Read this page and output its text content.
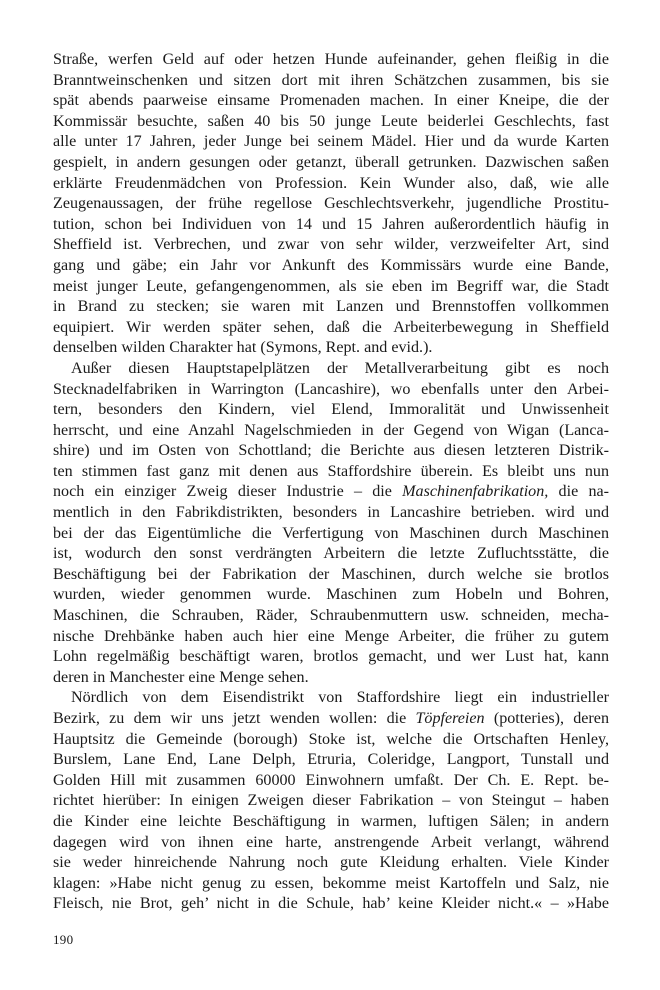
Straße, werfen Geld auf oder hetzen Hunde aufeinander, gehen fleißig in die
Branntweinschenken und sitzen dort mit ihren Schätzchen zusammen, bis sie
spät abends paarweise einsame Promenaden machen. In einer Kneipe, die der
Kommissär besuchte, saßen 40 bis 50 junge Leute beiderlei Geschlechts, fast
alle unter 17 Jahren, jeder Junge bei seinem Mädel. Hier und da wurde Karten
gespielt, in andern gesungen oder getanzt, überall getrunken. Dazwischen saßen
erklärte Freudenmädchen von Profession. Kein Wunder also, daß, wie alle
Zeugenaussagen, der frühe regellose Geschlechtsverkehr, jugendliche Prostitu-
tution, schon bei Individuen von 14 und 15 Jahren außerordentlich häufig in
Sheffield ist. Verbrechen, und zwar von sehr wilder, verzweifelter Art, sind
gang und gäbe; ein Jahr vor Ankunft des Kommissärs wurde eine Bande,
meist junger Leute, gefangengenommen, als sie eben im Begriff war, die Stadt
in Brand zu stecken; sie waren mit Lanzen und Brennstoffen vollkommen
equipiert. Wir werden später sehen, daß die Arbeiterbewegung in Sheffield
denselben wilden Charakter hat (Symons, Rept. and evid.).
Außer diesen Hauptstapelplätzen der Metallverarbeitung gibt es noch
Stecknadelfabriken in Warrington (Lancashire), wo ebenfalls unter den Arbei-
tern, besonders den Kindern, viel Elend, Immoralität und Unwissenheit
herrscht, und eine Anzahl Nagelschmieden in der Gegend von Wigan (Lanca-
shire) und im Osten von Schottland; die Berichte aus diesen letzteren Distrik-
ten stimmen fast ganz mit denen aus Staffordshire überein. Es bleibt uns nun
noch ein einziger Zweig dieser Industrie – die Maschinenfabrikation, die na-
mentlich in den Fabrikdistrikten, besonders in Lancashire betrieben. wird und
bei der das Eigentümliche die Verfertigung von Maschinen durch Maschinen
ist, wodurch den sonst verdrängten Arbeitern die letzte Zufluchtsstätte, die
Beschäftigung bei der Fabrikation der Maschinen, durch welche sie brotlos
wurden, wieder genommen wurde. Maschinen zum Hobeln und Bohren,
Maschinen, die Schrauben, Räder, Schraubenmuttern usw. schneiden, mecha-
nische Drehbänke haben auch hier eine Menge Arbeiter, die früher zu gutem
Lohn regelmäßig beschäftigt waren, brotlos gemacht, und wer Lust hat, kann
deren in Manchester eine Menge sehen.
Nördlich von dem Eisendistrikt von Staffordshire liegt ein industrieller
Bezirk, zu dem wir uns jetzt wenden wollen: die Töpfereien (potteries), deren
Hauptsitz die Gemeinde (borough) Stoke ist, welche die Ortschaften Henley,
Burslem, Lane End, Lane Delph, Etruria, Coleridge, Langport, Tunstall und
Golden Hill mit zusammen 60000 Einwohnern umfaßt. Der Ch. E. Rept. be-
richtet hierüber: In einigen Zweigen dieser Fabrikation – von Steingut – haben
die Kinder eine leichte Beschäftigung in warmen, luftigen Sälen; in andern
dagegen wird von ihnen eine harte, anstrengende Arbeit verlangt, während
sie weder hinreichende Nahrung noch gute Kleidung erhalten. Viele Kinder
klagen: »Habe nicht genug zu essen, bekomme meist Kartoffeln und Salz, nie
Fleisch, nie Brot, geh’ nicht in die Schule, hab’ keine Kleider nicht.« – »Habe
190
